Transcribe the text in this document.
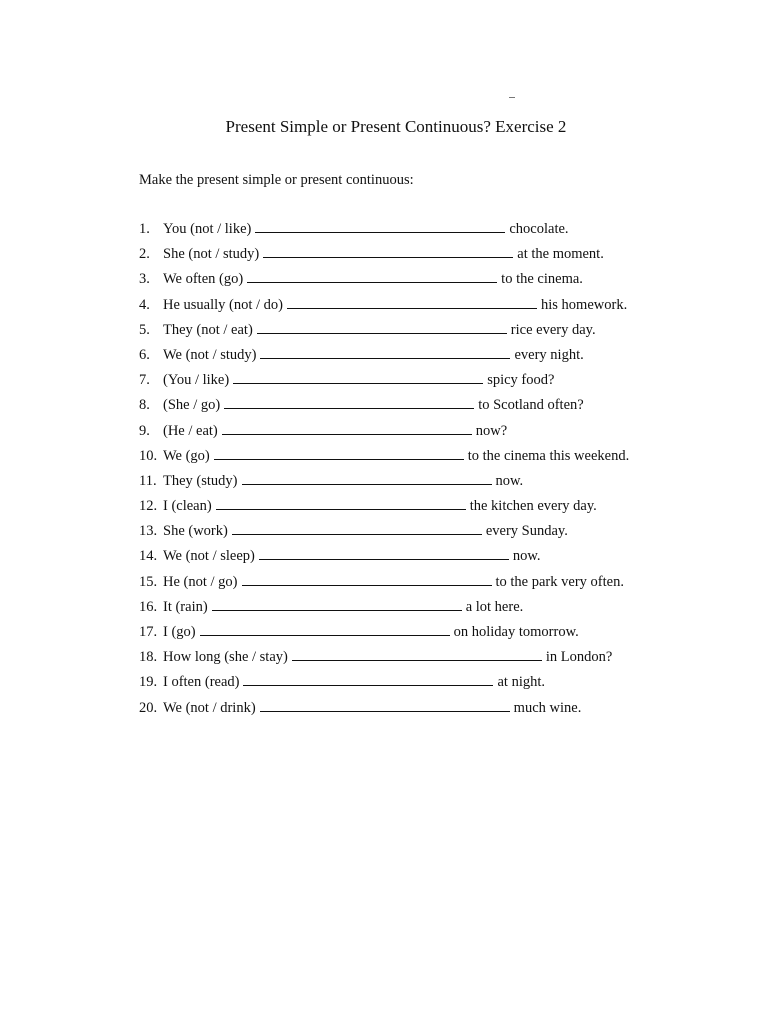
Present Simple or Present Continuous? Exercise 2
Make the present simple or present continuous:
1. You (not / like)	chocolate.
2. She (not / study)	at the moment.
3. We often (go)	to the cinema.
4. He usually (not / do)	his homework.
5. They (not / eat)	rice every day.
6. We (not / study)	every night.
7. (You / like)	spicy food?
8. (She / go)	to Scotland often?
9. (He / eat)	now?
10. We (go)	to the cinema this weekend.
11. They (study)	now.
12. I (clean)	the kitchen every day.
13. She (work)	every Sunday.
14. We (not / sleep)	now.
15. He (not / go)	to the park very often.
16. It (rain)	a lot here.
17. I (go)	on holiday tomorrow.
18. How long (she / stay)	in London?
19. I often (read)	at night.
20. We (not / drink)	much wine.
